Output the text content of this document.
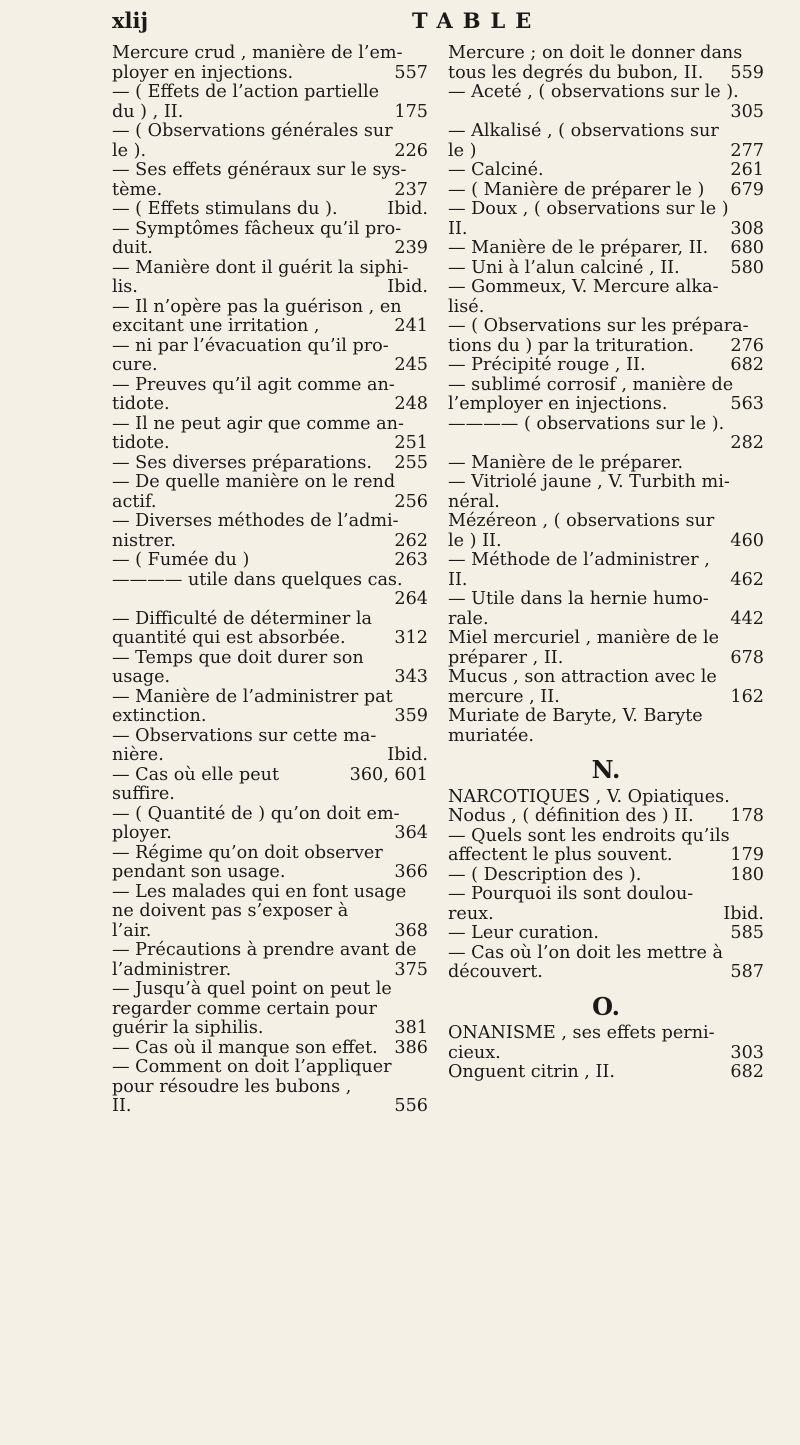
xlij	TABLE
Mercure crud , manière de l’em-
557
ployer en injections.
— ( Effets de l’action partielle
175
du ) , II.
— ( Observations générales sur
226
le ).
— Ses effets généraux sur le sys-
237
tème.
Ibid.
— ( Effets stimulans du ).
— Symptômes fâcheux qu’il pro-
239
duit.
— Manière dont il guérit la siphi-
Ibid.
lis.
— Il n’opère pas la guérison , en
241
excitant une irritation ,
— ni par l’évacuation qu’il pro-
245
cure.
— Preuves qu’il agit comme an-
248
tidote.
— Il ne peut agir que comme an-
251
tidote.
255
— Ses diverses préparations.
— De quelle manière on le rend
256
actif.
— Diverses méthodes de l’admi-
262
nistrer.
263
— ( Fumée du )
———— utile dans quelques cas.
264

— Difficulté de déterminer la
312
quantité qui est absorbée.
— Temps que doit durer son
343
usage.
— Manière de l’administrer pat
359
extinction.
— Observations sur cette ma-
Ibid.
nière.
360, 601
— Cas où elle peut suffire.
— ( Quantité de ) qu’on doit em-
364
ployer.
— Régime qu’on doit observer
366
pendant son usage.
— Les malades qui en font usage
ne doivent pas s’exposer à
368
l’air.
— Précautions à prendre avant de
375
l’administrer.
— Jusqu’à quel point on peut le
regarder comme certain pour
381
guérir la siphilis.
386
— Cas où il manque son effet.
— Comment on doit l’appliquer
pour résoudre les bubons ,
556
II.
Mercure ; on doit le donner dans
559
tous les degrés du bubon, II.
— Aceté , ( observations sur le ).
305

— Alkalisé , ( observations sur
277
le )
261
— Calciné.
679
— ( Manière de préparer le )
— Doux , ( observations sur le )
308
II.
680
— Manière de le préparer, II.
580
— Uni à l’alun calciné , II.
— Gommeux, V. Mercure alka-
lisé.
— ( Observations sur les prépara-
276
tions du ) par la trituration.
682
— Précipité rouge , II.
— sublimé corrosif , manière de
563
l’employer en injections.
———— ( observations sur le ).
282

— Manière de le préparer.
— Vitriolé jaune , V. Turbith mi-
néral.
Mézéreon , ( observations sur
460
le ) II.
— Méthode de l’administrer ,
462
II.
— Utile dans la hernie humo-
442
rale.
Miel mercuriel , manière de le
678
préparer , II.
Mucus , son attraction avec le
162
mercure , II.
Muriate de Baryte, V. Baryte
muriatée.
N.
NARCOTIQUES , V. Opiatiques.
178
Nodus , ( définition des ) II.
— Quels sont les endroits qu’ils
179
affectent le plus souvent.
180
— ( Description des ).
— Pourquoi ils sont doulou-
Ibid.
reux.
585
— Leur curation.
— Cas où l’on doit les mettre à
587
découvert.
O.
ONANISME , ses effets perni-
303
cieux.
682
Onguent citrin , II.
